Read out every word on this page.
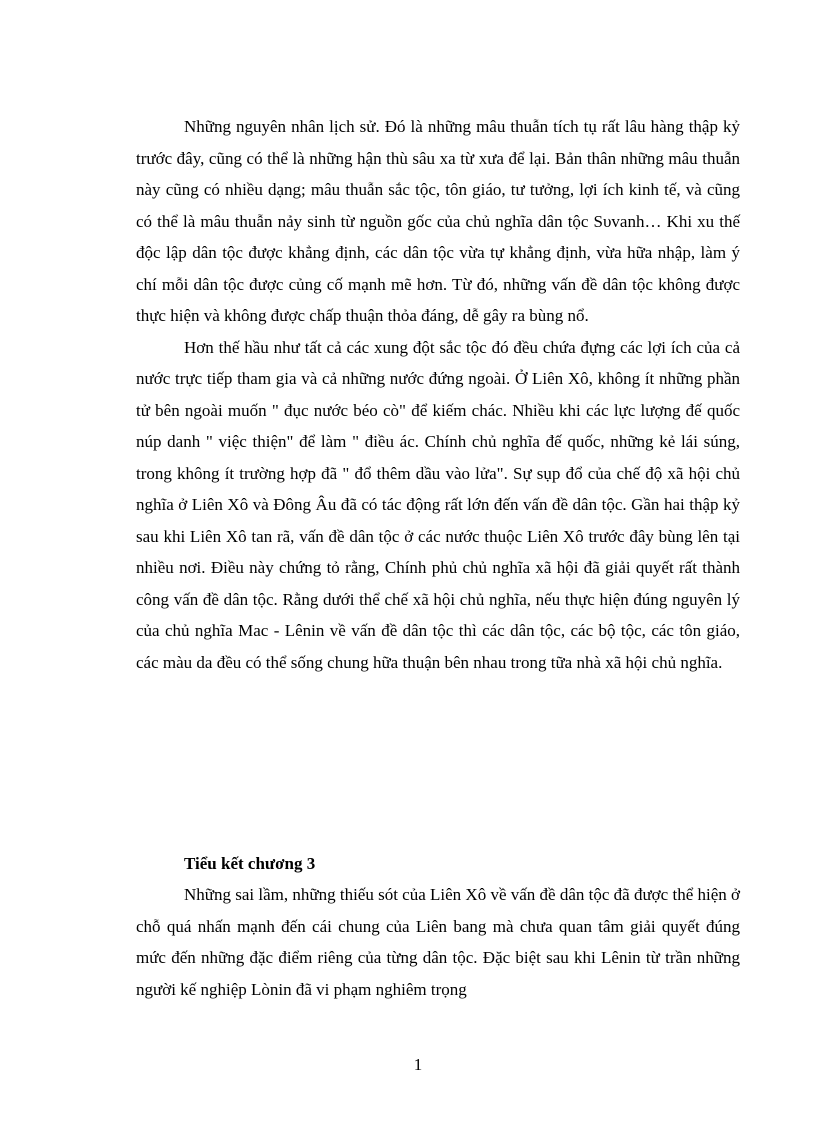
Những nguyên nhân lịch sử. Đó là những mâu thuẫn tích tụ rất lâu hàng thập kỷ trước đây, cũng có thể là những hận thù sâu xa từ xưa để lại. Bản thân những mâu thuẫn này cũng có nhiều dạng; mâu thuẫn sắc tộc, tôn giáo, tư tưởng, lợi ích kinh tế, và cũng có thể là mâu thuẫn nảy sinh từ nguồn gốc của chủ nghĩa dân tộc Sυvanh… Khi xu thế độc lập dân tộc được khẳng định, các dân tộc vừa tự khẳng định, vừa hữa nhập, làm ý chí mỗi dân tộc được củng cố mạnh mẽ hơn. Từ đó, những vấn đề dân tộc không được thực hiện và không được chấp thuận thỏa đáng, dễ gây ra bùng nổ.

Hơn thế hầu như tất cả các xung đột sắc tộc đó đều chứa đựng các lợi ích của cả nước trực tiếp tham gia và cả những nước đứng ngoài. Ở Liên Xô, không ít những phần tử bên ngoài muốn " đục nước béo cò" để kiếm chác. Nhiều khi các lực lượng đế quốc núp danh " việc thiện" để làm " điều ác. Chính chủ nghĩa đế quốc, những kẻ lái súng, trong không ít trường hợp đã " đổ thêm dầu vào lửa". Sự sụp đổ của chế độ xã hội chủ nghĩa ở Liên Xô và Đông Âu đã có tác động rất lớn đến vấn đề dân tộc. Gần hai thập kỷ sau khi Liên Xô tan rã, vấn đề dân tộc ở các nước thuộc Liên Xô trước đây bùng lên tại nhiều nơi. Điều này chứng tỏ rằng, Chính phủ chủ nghĩa xã hội đã giải quyết rất thành công vấn đề dân tộc. Rằng dưới thể chế xã hội chủ nghĩa, nếu thực hiện đúng nguyên lý của chủ nghĩa Mac - Lênin về vấn đề dân tộc thì các dân tộc, các bộ tộc, các tôn giáo, các màu da đều có thể sống chung hữa thuận bên nhau trong tữa nhà xã hội chủ nghĩa.

Tiểu kết chương 3

Những sai lầm, những thiếu sót của Liên Xô về vấn đề dân tộc đã được thể hiện ở chỗ quá nhấn mạnh đến cái chung của Liên bang mà chưa quan tâm giải quyết đúng mức đến những đặc điểm riêng của từng dân tộc. Đặc biệt sau khi Lênin từ trần những người kế nghiệp Lònin đã vi phạm nghiêm trọng

1
